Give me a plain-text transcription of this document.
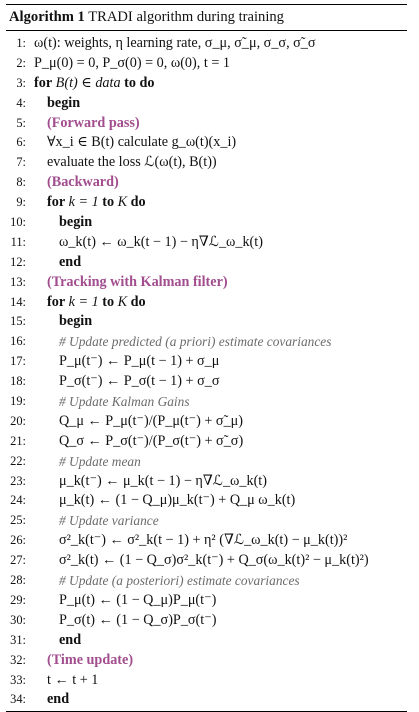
Algorithm 1 TRADI algorithm during training
1: ω(t): weights, η learning rate, σ_μ, σ̃_μ, σ_σ, σ̃_σ
2: P_μ(0) = 0, P_σ(0) = 0, ω(0), t = 1
3: for B(t) ∈ data to do
4:	begin
5:	(Forward pass)
6:	∀x_i ∈ B(t) calculate g_ω(t)(x_i)
7:	evaluate the loss ℒ(ω(t), B(t))
8:	(Backward)
9:	for k = 1 to K do
10:	begin
11:	ω_k(t) ← ω_k(t − 1) − η∇ℒ_ω_k(t)
12:	end
13:	(Tracking with Kalman filter)
14:	for k = 1 to K do
15:	begin
16:	# Update predicted (a priori) estimate covariances
17:	P_μ(t⁻) ← P_μ(t − 1) + σ_μ
18:	P_σ(t⁻) ← P_σ(t − 1) + σ_σ
19:	# Update Kalman Gains
20:	Q_μ ← P_μ(t⁻)/(P_μ(t⁻) + σ̃_μ)
21:	Q_σ ← P_σ(t⁻)/(P_σ(t⁻) + σ̃_σ)
22:	# Update mean
23:	μ_k(t⁻) ← μ_k(t − 1) − η∇ℒ_ω_k(t)
24:	μ_k(t) ← (1 − Q_μ)μ_k(t⁻) + Q_μ ω_k(t)
25:	# Update variance
26:	σ²_k(t⁻) ← σ²_k(t − 1) + η² (∇ℒ_ω_k(t) − μ_k(t))²
27:	σ²_k(t) ← (1 − Q_σ)σ²_k(t⁻) + Q_σ(ω_k(t)² − μ_k(t)²)
28:	# Update (a posteriori) estimate covariances
29:	P_μ(t) ← (1 − Q_μ)P_μ(t⁻)
30:	P_σ(t) ← (1 − Q_σ)P_σ(t⁻)
31:	end
32:	(Time update)
33:	t ← t + 1
34:	end
